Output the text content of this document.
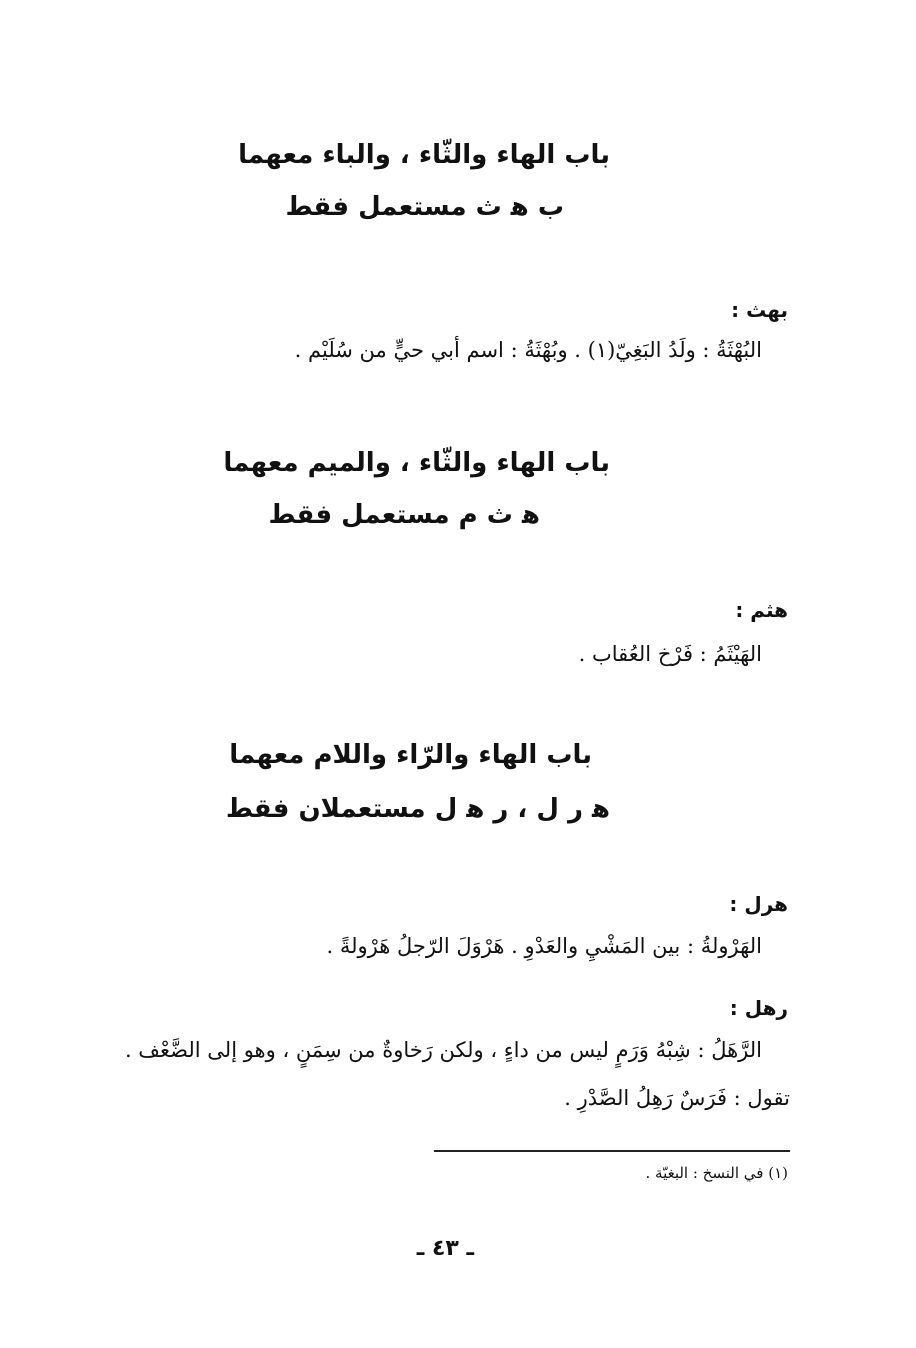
باب الهاء والثّاء ، والباء معهما
ب ﻫ ث مستعمل فقط
بهث :
البُهْثَةُ : ولَدُ البَغِيّ(١) . وبُهْثَةُ : اسم أبي حيٍّ من سُلَيْم .
باب الهاء والثّاء ، والميم معهما
ﻫ ث م مستعمل فقط
هثم :
الهَيْثَمُ : فَرْخ العُقاب .
باب الهاء والرّاء واللام معهما
ﻫ ر ل ، ر ﻫ ل مستعملان فقط
هرل :
الهَرْولةُ : بين المَشْيِ والعَدْوِ . هَرْوَلَ الرّجلُ هَرْولةً .
رهل :
الرَّهَلُ : شِبْهُ وَرَمٍ ليس من داءٍ ، ولكن رَخاوةٌ من سِمَنٍ ، وهو إلى الضَّعْف .
تقول : فَرَسٌ رَهِلُ الصَّدْرِ .
(١) في النسخ : البغيّة .
ـ ٤٣ ـ
